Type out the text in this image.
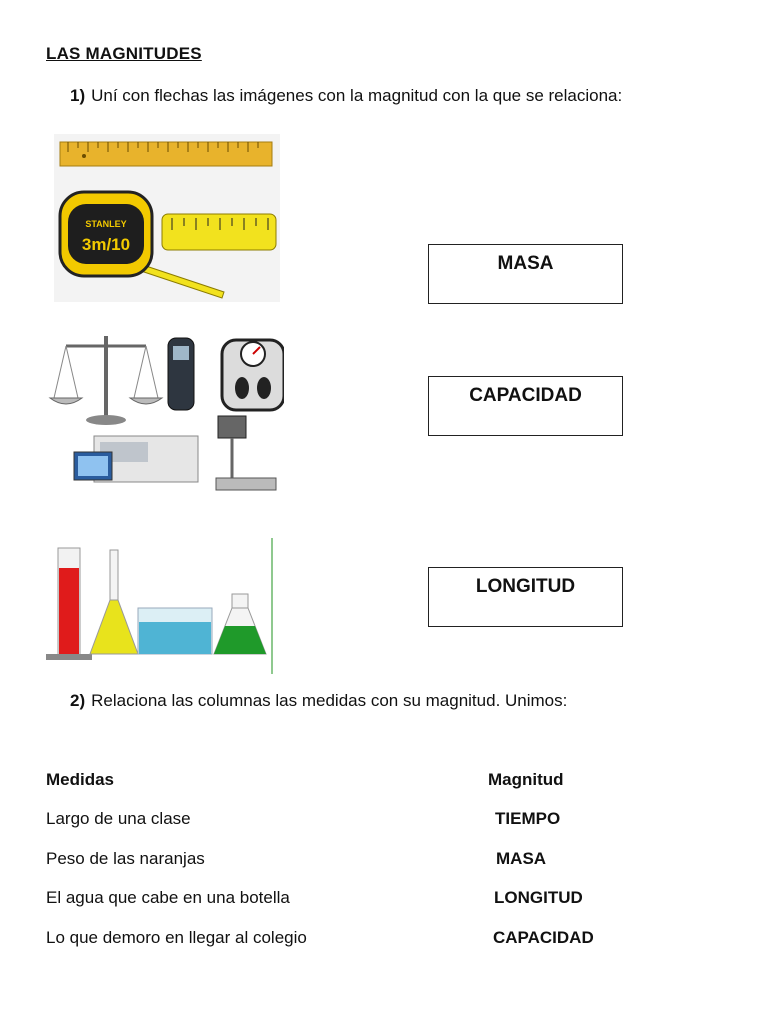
LAS MAGNITUDES
1) Uní con flechas las imágenes con la magnitud con la que se relaciona:
STANLEY
3m/10
MASA
CAPACIDAD
LONGITUD
2) Relaciona las columnas las medidas con su magnitud. Unimos:
Medidas	Magnitud
Largo de una clase	TIEMPO
Peso de las naranjas	MASA
El agua que cabe en una botella	LONGITUD
Lo que demoro en llegar al colegio	CAPACIDAD
